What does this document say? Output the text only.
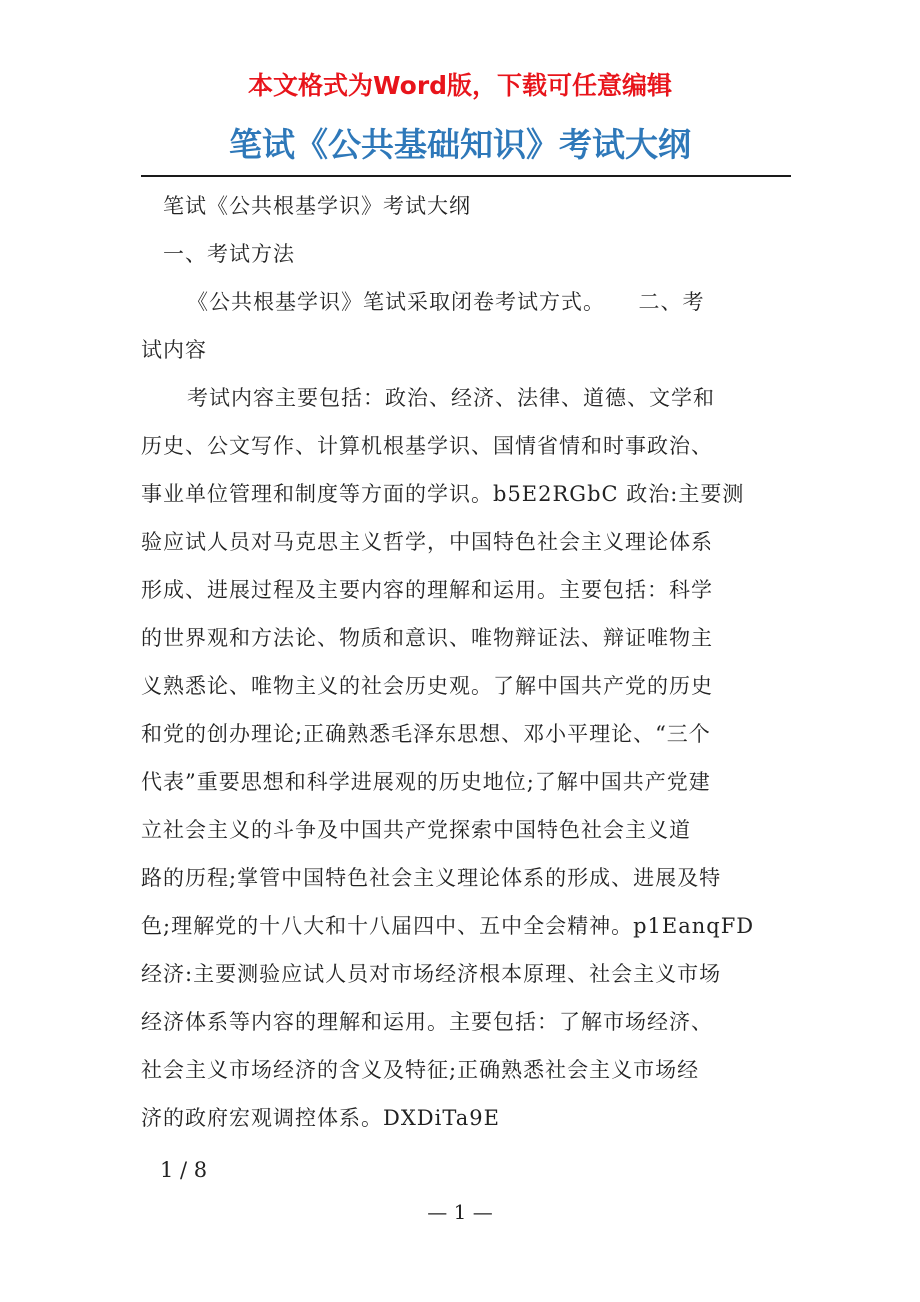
本文格式为Word版，下载可任意编辑
笔试《公共基础知识》考试大纲
笔试《公共根基学识》考试大纲
一、考试方法
《公共根基学识》笔试采取闭卷考试方式。　　二、考
试内容
考试内容主要包括：政治、经济、法律、道德、文学和
历史、公文写作、计算机根基学识、国情省情和时事政治、
事业单位管理和制度等方面的学识。b5E2RGbC 政治:主要测
验应试人员对马克思主义哲学，中国特色社会主义理论体系
形成、进展过程及主要内容的理解和运用。主要包括：科学
的世界观和方法论、物质和意识、唯物辩证法、辩证唯物主
义熟悉论、唯物主义的社会历史观。了解中国共产党的历史
和党的创办理论;正确熟悉毛泽东思想、邓小平理论、“三个
代表”重要思想和科学进展观的历史地位;了解中国共产党建
立社会主义的斗争及中国共产党探索中国特色社会主义道
路的历程;掌管中国特色社会主义理论体系的形成、进展及特
色;理解党的十八大和十八届四中、五中全会精神。p1EanqFD
经济:主要测验应试人员对市场经济根本原理、社会主义市场
经济体系等内容的理解和运用。主要包括：了解市场经济、
社会主义市场经济的含义及特征;正确熟悉社会主义市场经
济的政府宏观调控体系。DXDiTa9E
1 / 8
— 1 —
